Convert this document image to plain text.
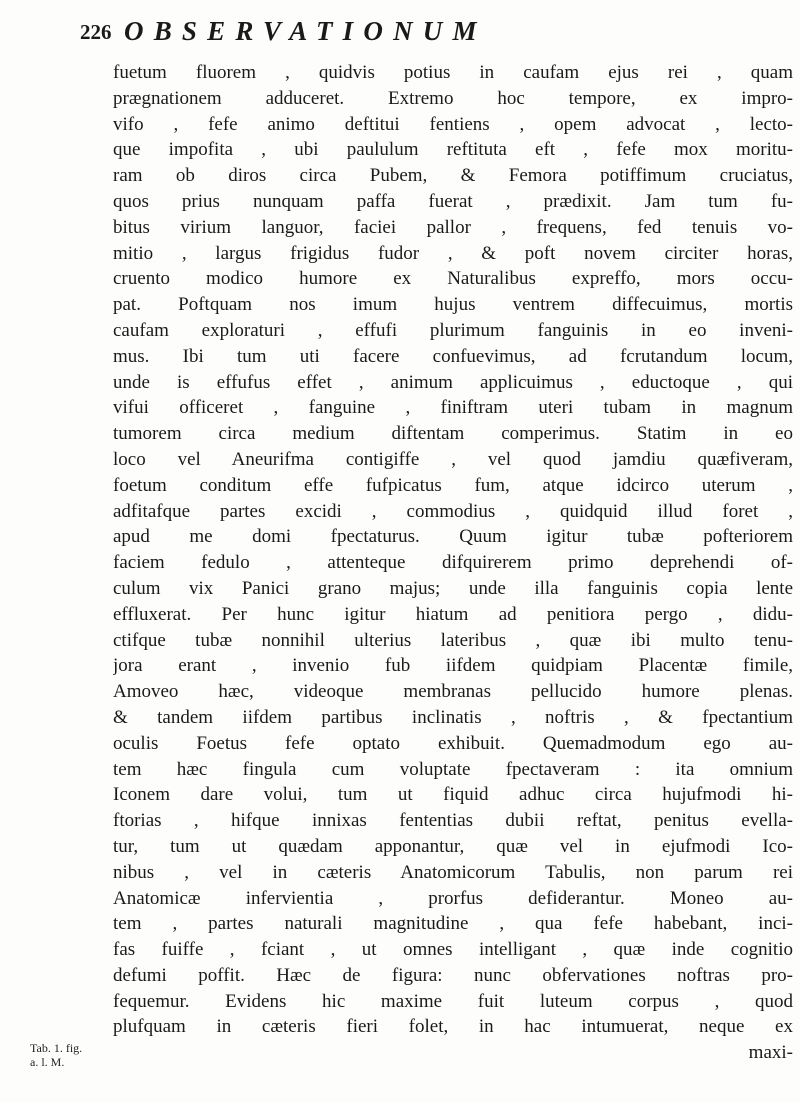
226 OBSERVATIONUM
fuetum fluorem , quidvis potius in caufam ejus rei , quam
prægnationem adduceret. Extremo hoc tempore, ex impro-
vifo , fefe animo deftitui fentiens , opem advocat , lecto-
que impofita , ubi paululum reftituta eft , fefe mox moritu-
ram ob diros circa Pubem, & Femora potiffimum cruciatus,
quos prius nunquam paffa fuerat , prædixit. Jam tum fu-
bitus virium languor, faciei pallor , frequens, fed tenuis vo-
mitio , largus frigidus fudor , & poft novem circiter horas,
cruento modico humore ex Naturalibus expreffo, mors occu-
pat. Poftquam nos imum hujus ventrem diffecuimus, mortis
caufam exploraturi , effufi plurimum fanguinis in eo inveni-
mus. Ibi tum uti facere confuevimus, ad fcrutandum locum,
unde is effufus effet , animum applicuimus , eductoque , qui
vifui officeret , fanguine , finiftram uteri tubam in magnum
tumorem circa medium diftentam comperimus. Statim in eo
loco vel Aneurifma contigiffe , vel quod jamdiu quæfiveram,
foetum conditum effe fufpicatus fum, atque idcirco uterum ,
adfitafque partes excidi , commodius , quidquid illud foret ,
apud me domi fpectaturus. Quum igitur tubæ pofteriorem
faciem fedulo , attenteque difquirerem primo deprehendi of-
culum vix Panici grano majus; unde illa fanguinis copia lente
effluxerat. Per hunc igitur hiatum ad penitiora pergo , didu-
ctifque tubæ nonnihil ulterius lateribus , quæ ibi multo tenu-
jora erant , invenio fub iifdem quidpiam Placentæ fimile,
Amoveo hæc, videoque membranas pellucido humore plenas.
& tandem iifdem partibus inclinatis , noftris , & fpectantium
oculis Foetus fefe optato exhibuit. Quemadmodum ego au-
tem hæc fingula cum voluptate fpectaveram : ita omnium
Iconem dare volui, tum ut fiquid adhuc circa hujufmodi hi-
ftorias , hifque innixas fententias dubii reftat, penitus evella-
tur, tum ut quædam apponantur, quæ vel in ejufmodi Ico-
nibus , vel in cæteris Anatomicorum Tabulis, non parum rei
Anatomicæ infervientia , prorfus defiderantur. Moneo au-
tem , partes naturali magnitudine , qua fefe habebant, inci-
fas fuiffe , fciant , ut omnes intelligant , quæ inde cognitio
defumi poffit. Hæc de figura: nunc obfervationes noftras pro-
fequemur. Evidens hic maxime fuit luteum corpus , quod
plufquam in cæteris fieri folet, in hac intumuerat, neque ex
maxi-
Tab. 1. fig.
a. l. M.
